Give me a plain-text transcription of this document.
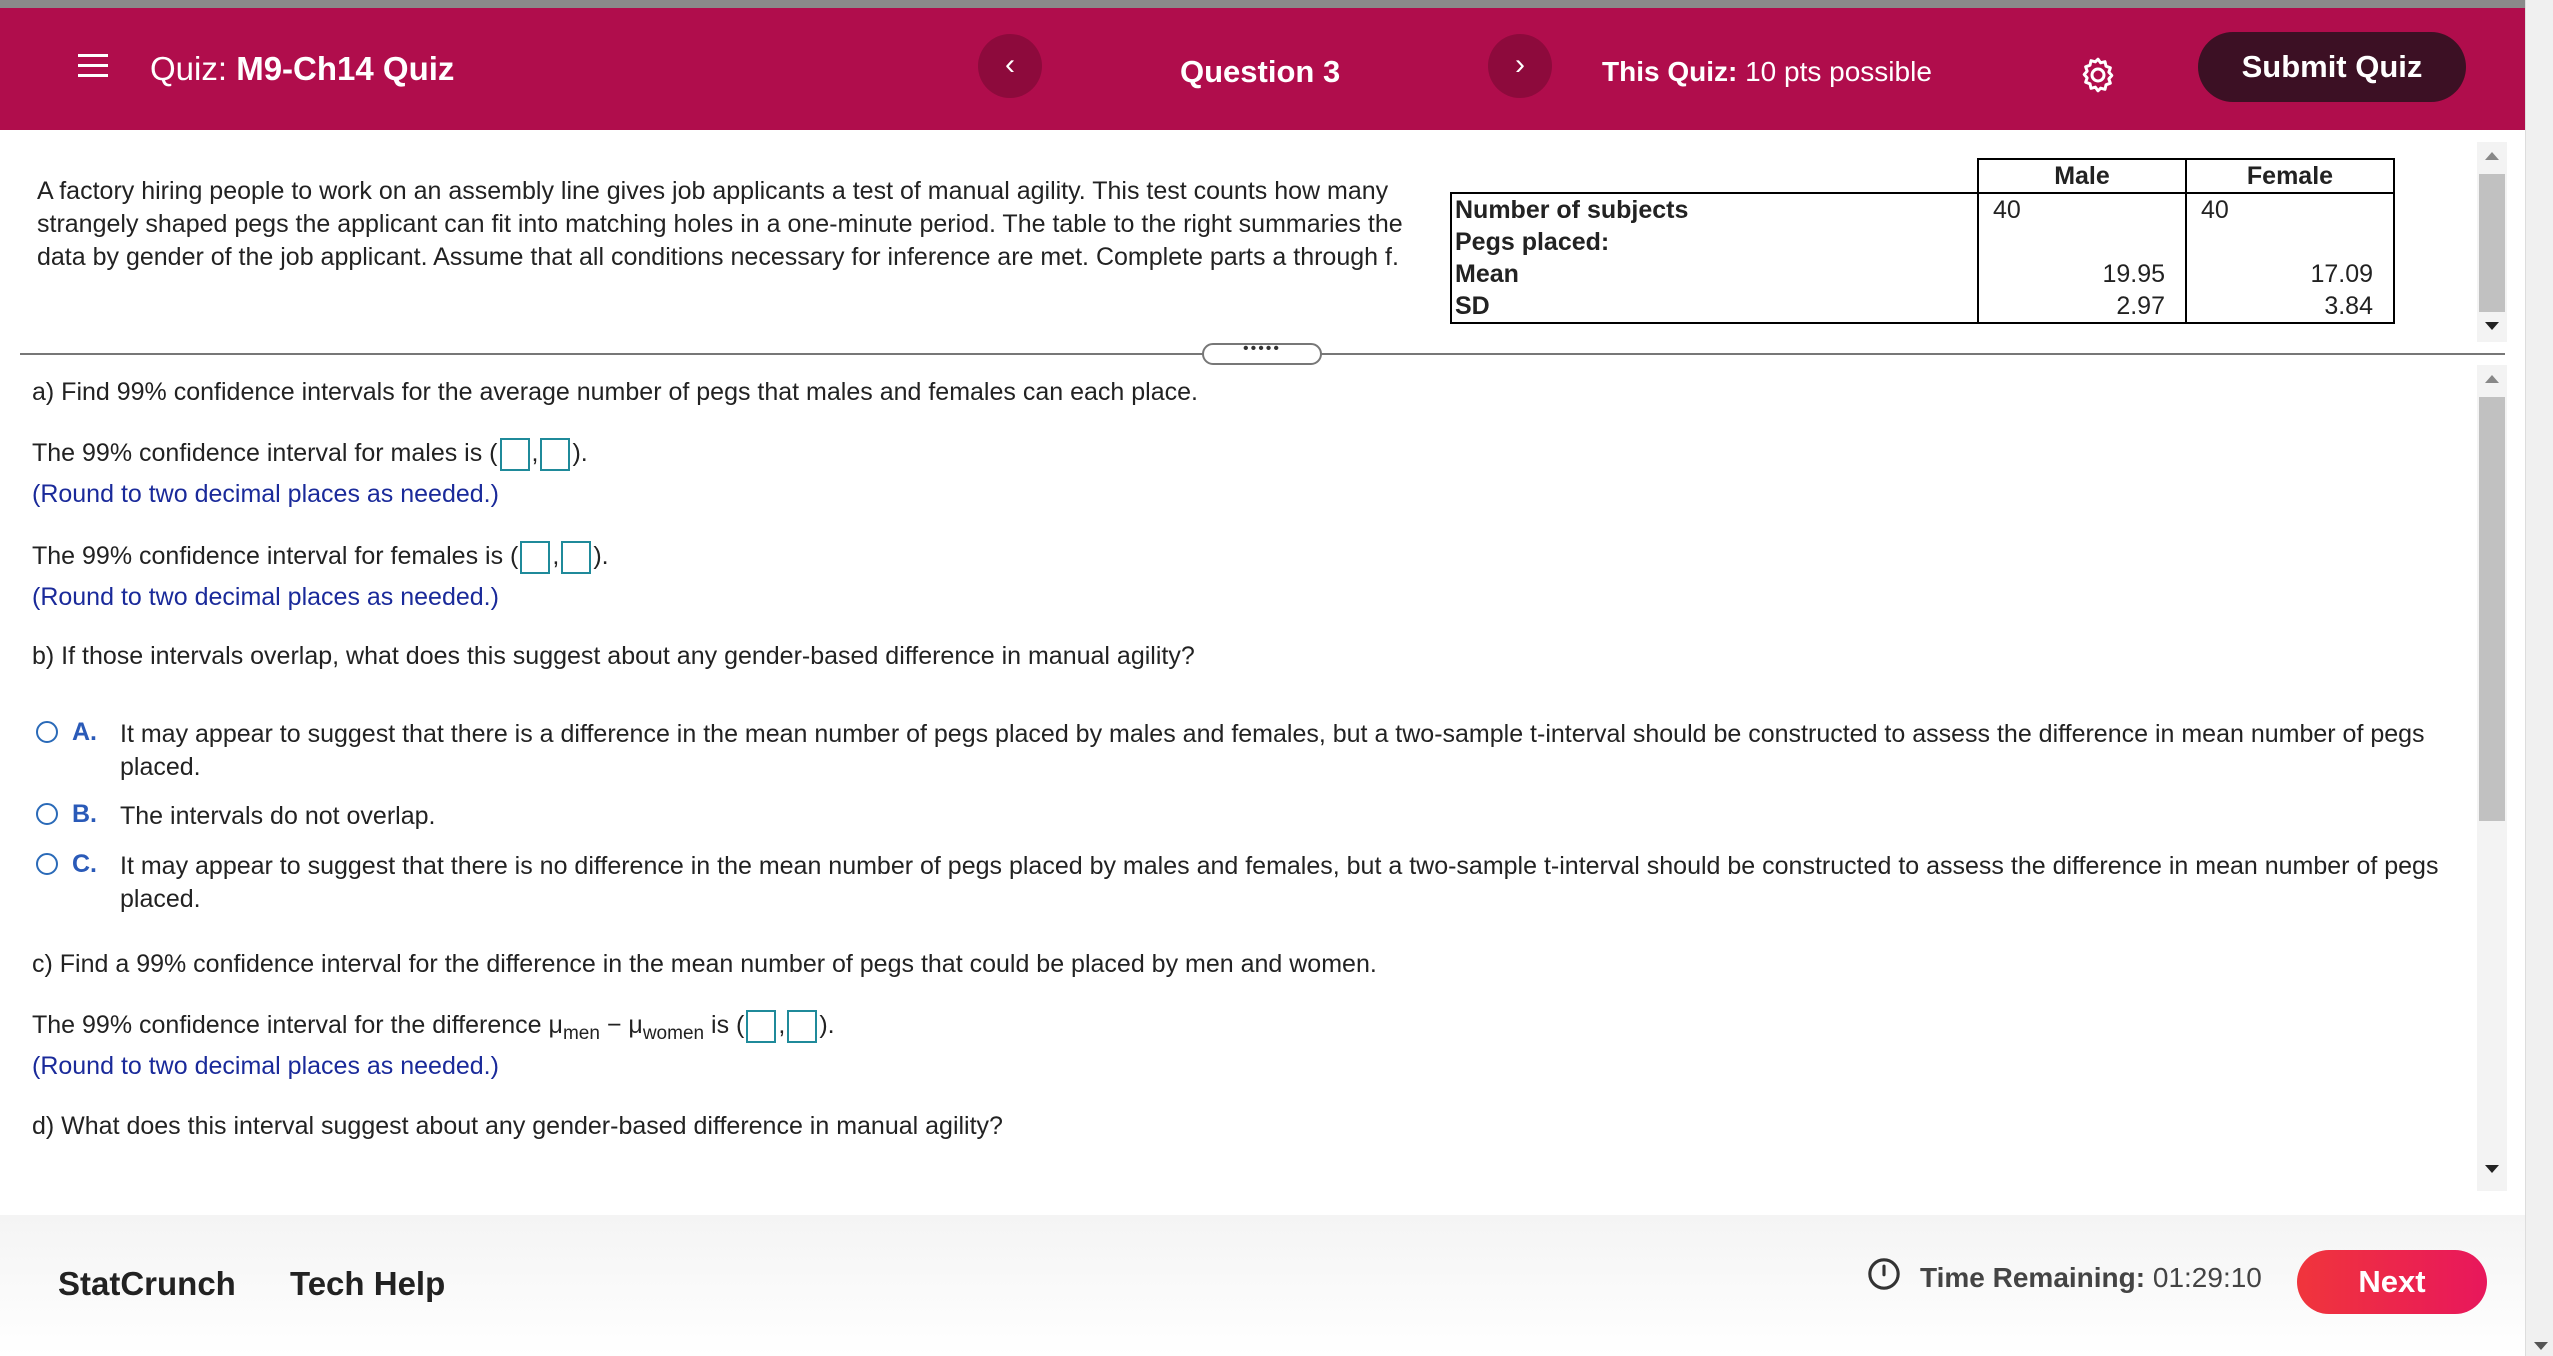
Quiz: M9-Ch14 Quiz	‹	Question 3	›	This Quiz: 10 pts possible	Submit Quiz
A factory hiring people to work on an assembly line gives job applicants a test of manual agility. This test counts how many strangely shaped pegs the applicant can fit into matching holes in a one-minute period. The table to the right summaries the data by gender of the job applicant. Assume that all conditions necessary for inference are met. Complete parts a through f.
	Male	Female
Number of subjects	40	40
Pegs placed:		
Mean	19.95	17.09
SD	2.97	3.84
•••••
a) Find 99% confidence intervals for the average number of pegs that males and females can each place.
The 99% confidence interval for males is ( , ).
(Round to two decimal places as needed.)
The 99% confidence interval for females is ( , ).
(Round to two decimal places as needed.)
b) If those intervals overlap, what does this suggest about any gender-based difference in manual agility?
A. It may appear to suggest that there is a difference in the mean number of pegs placed by males and females, but a two-sample t-interval should be constructed to assess the difference in mean number of pegs placed.
B. The intervals do not overlap.
C. It may appear to suggest that there is no difference in the mean number of pegs placed by males and females, but a two-sample t-interval should be constructed to assess the difference in mean number of pegs placed.
c) Find a 99% confidence interval for the difference in the mean number of pegs that could be placed by men and women.
The 99% confidence interval for the difference $\mu_{men} - \mu_{women}$ is ( , ).
(Round to two decimal places as needed.)
d) What does this interval suggest about any gender-based difference in manual agility?
StatCrunch Tech Help	Time Remaining: 01:29:10	Next
